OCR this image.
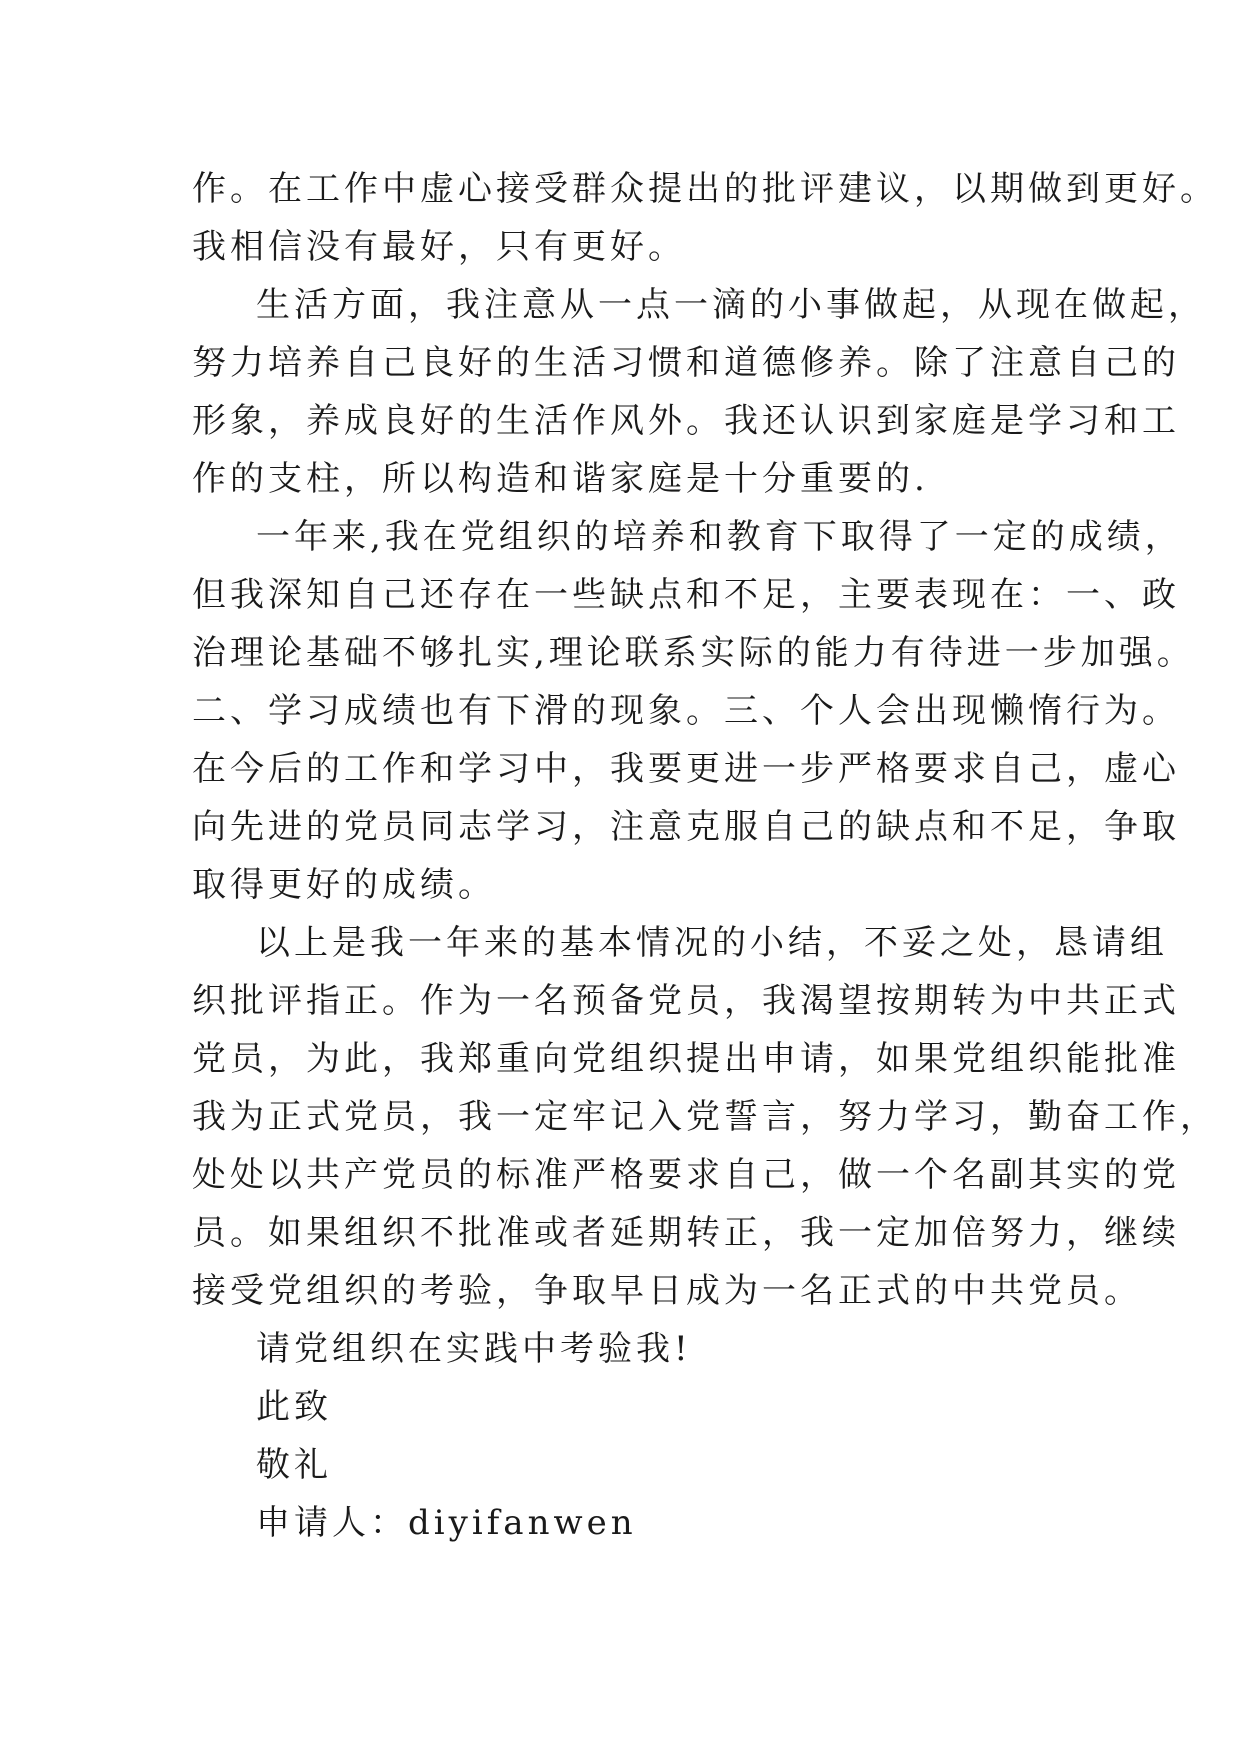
作。在工作中虚心接受群众提出的批评建议，以期做到更好。
我相信没有最好，只有更好。
生活方面，我注意从一点一滴的小事做起，从现在做起，
努力培养自己良好的生活习惯和道德修养。除了注意自己的
形象，养成良好的生活作风外。我还认识到家庭是学习和工
作的支柱，所以构造和谐家庭是十分重要的.
一年来,我在党组织的培养和教育下取得了一定的成绩，
但我深知自己还存在一些缺点和不足，主要表现在：一、政
治理论基础不够扎实,理论联系实际的能力有待进一步加强。
二、学习成绩也有下滑的现象。三、个人会出现懒惰行为。
在今后的工作和学习中，我要更进一步严格要求自己，虚心
向先进的党员同志学习，注意克服自己的缺点和不足，争取
取得更好的成绩。
以上是我一年来的基本情况的小结，不妥之处，恳请组
织批评指正。作为一名预备党员，我渴望按期转为中共正式
党员，为此，我郑重向党组织提出申请，如果党组织能批准
我为正式党员，我一定牢记入党誓言，努力学习，勤奋工作，
处处以共产党员的标准严格要求自己，做一个名副其实的党
员。如果组织不批准或者延期转正，我一定加倍努力，继续
接受党组织的考验，争取早日成为一名正式的中共党员。
请党组织在实践中考验我!
此致
敬礼
申请人：diyifanwen
